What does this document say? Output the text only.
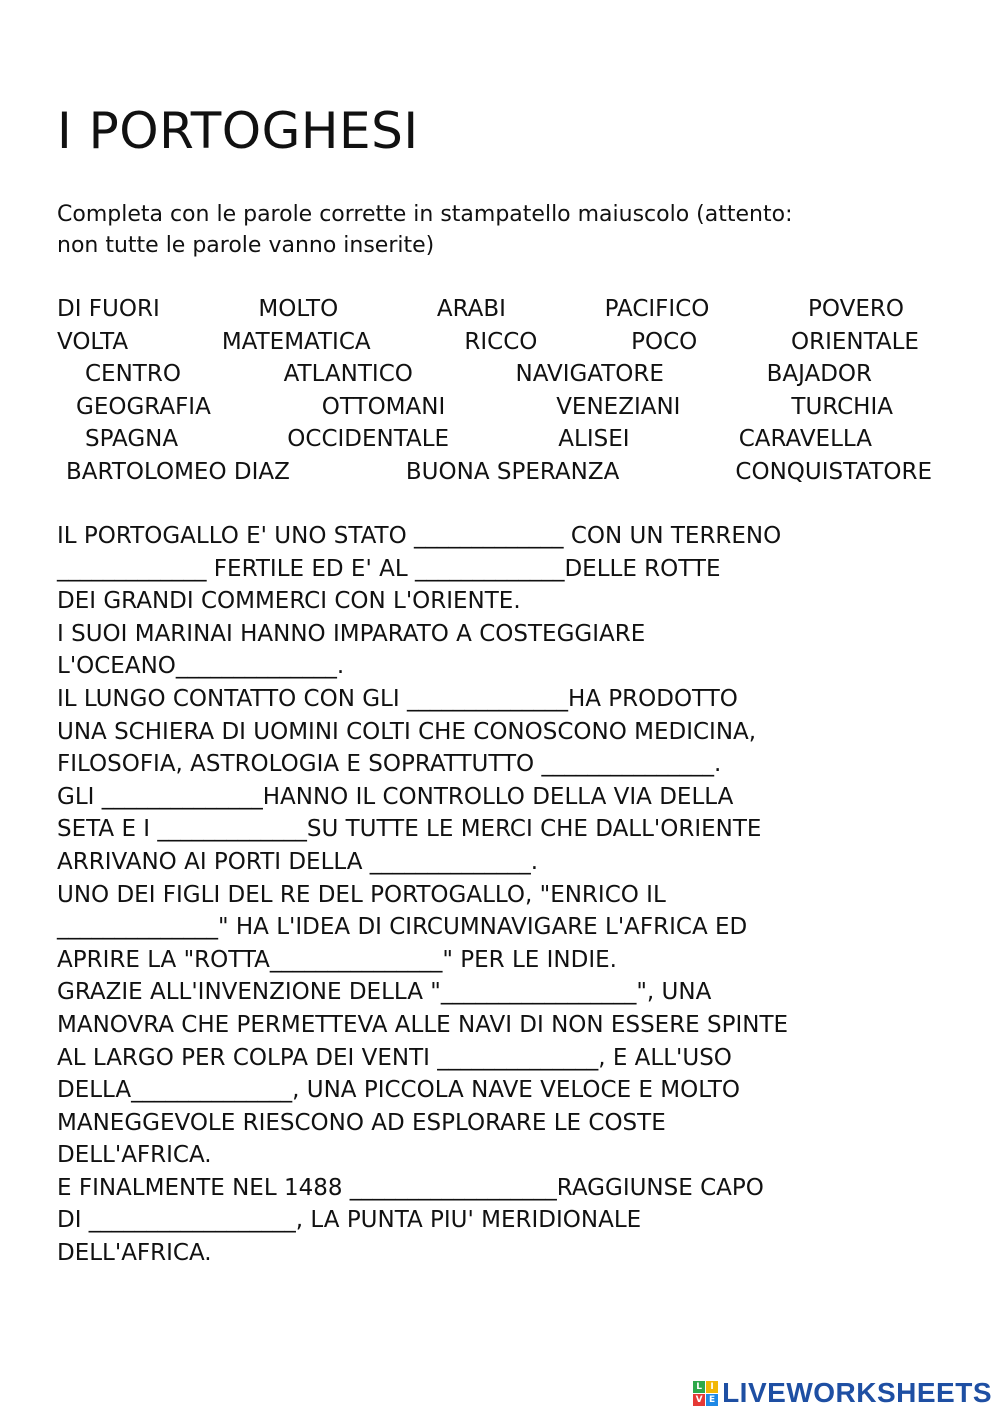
I PORTOGHESI
Completa con le parole corrette in stampatello maiuscolo (attento:
non tutte le parole vanno inserite)
DI FUORI	MOLTO	ARABI	PACIFICO	POVERO
VOLTA	MATEMATICA	RICCO	POCO	ORIENTALE
CENTRO	ATLANTICO	NAVIGATORE	BAJADOR
GEOGRAFIA	OTTOMANI	VENEZIANI	TURCHIA
SPAGNA	OCCIDENTALE	ALISEI	CARAVELLA
BARTOLOMEO DIAZ	BUONA SPERANZA	CONQUISTATORE
IL PORTOGALLO E' UNO STATO _____________ CON UN TERRENO
_____________ FERTILE ED E' AL _____________DELLE ROTTE
DEI GRANDI COMMERCI CON L'ORIENTE.
I SUOI MARINAI HANNO IMPARATO A COSTEGGIARE
L'OCEANO______________.
IL LUNGO CONTATTO CON GLI ______________HA PRODOTTO
UNA SCHIERA DI UOMINI COLTI CHE CONOSCONO MEDICINA,
FILOSOFIA, ASTROLOGIA E SOPRATTUTTO _______________.
GLI ______________HANNO IL CONTROLLO DELLA VIA DELLA
SETA E I _____________SU TUTTE LE MERCI CHE DALL'ORIENTE
ARRIVANO AI PORTI DELLA ______________.
UNO DEI FIGLI DEL RE DEL PORTOGALLO, "ENRICO IL
______________" HA L'IDEA DI CIRCUMNAVIGARE L'AFRICA ED
APRIRE LA "ROTTA_______________" PER LE INDIE.
GRAZIE ALL'INVENZIONE DELLA "_________________", UNA
MANOVRA CHE PERMETTEVA ALLE NAVI DI NON ESSERE SPINTE
AL LARGO PER COLPA DEI VENTI ______________, E ALL'USO
DELLA______________, UNA PICCOLA NAVE VELOCE E MOLTO
MANEGGEVOLE RIESCONO AD ESPLORARE LE COSTE
DELL'AFRICA.
E FINALMENTE NEL 1488 __________________RAGGIUNSE CAPO
DI __________________, LA PUNTA PIU' MERIDIONALE
DELL'AFRICA.
L I
V E LIVEWORKSHEETS
